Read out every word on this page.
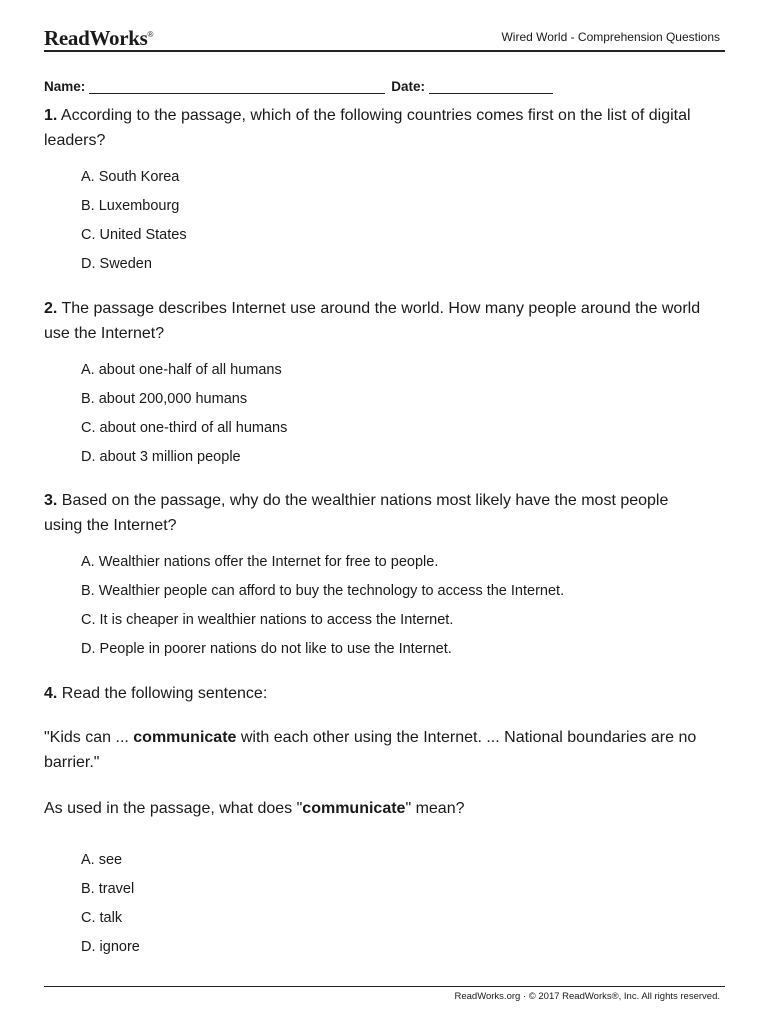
ReadWorks®	Wired World - Comprehension Questions
Name:	Date:
1. According to the passage, which of the following countries comes first on the list of digital leaders?
A. South Korea
B. Luxembourg
C. United States
D. Sweden
2. The passage describes Internet use around the world. How many people around the world use the Internet?
A. about one-half of all humans
B. about 200,000 humans
C. about one-third of all humans
D. about 3 million people
3. Based on the passage, why do the wealthier nations most likely have the most people using the Internet?
A. Wealthier nations offer the Internet for free to people.
B. Wealthier people can afford to buy the technology to access the Internet.
C. It is cheaper in wealthier nations to access the Internet.
D. People in poorer nations do not like to use the Internet.
4. Read the following sentence:
"Kids can ... communicate with each other using the Internet. ... National boundaries are no barrier."
As used in the passage, what does "communicate" mean?
A. see
B. travel
C. talk
D. ignore
ReadWorks.org · © 2017 ReadWorks®, Inc. All rights reserved.
